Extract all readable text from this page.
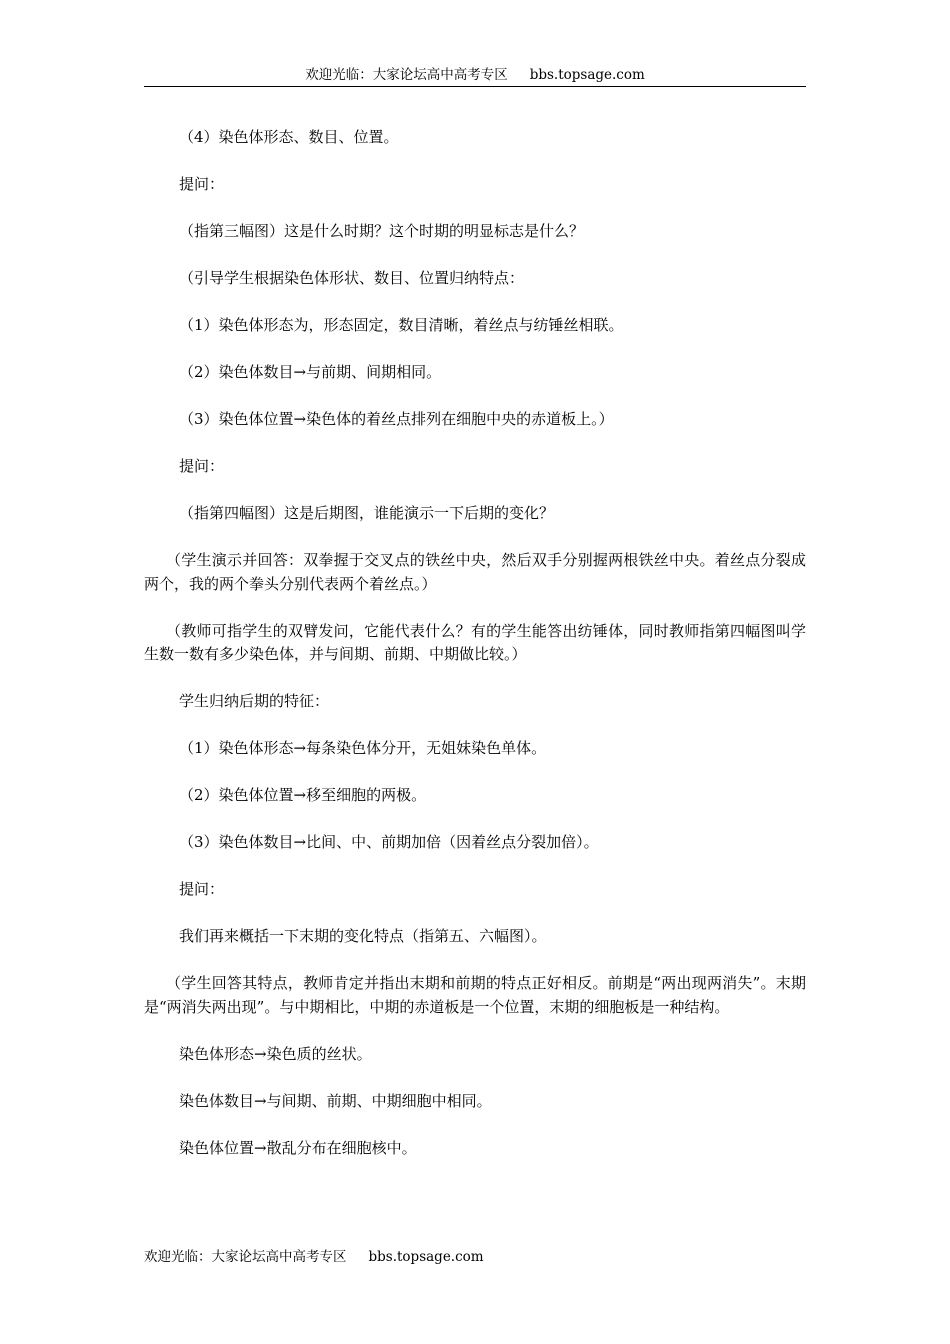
欢迎光临：大家论坛高中高考专区 bbs.topsage.com

（4）染色体形态、数目、位置。

提问：

（指第三幅图）这是什么时期？这个时期的明显标志是什么？

（引导学生根据染色体形状、数目、位置归纳特点：

（1）染色体形态为，形态固定，数目清晰，着丝点与纺锤丝相联。

（2）染色体数目→与前期、间期相同。

（3）染色体位置→染色体的着丝点排列在细胞中央的赤道板上。）

提问：

（指第四幅图）这是后期图，谁能演示一下后期的变化？

（学生演示并回答：双拳握于交叉点的铁丝中央，然后双手分别握两根铁丝中央。着丝点分裂成两个，我的两个拳头分别代表两个着丝点。）

（教师可指学生的双臂发问，它能代表什么？有的学生能答出纺锤体，同时教师指第四幅图叫学生数一数有多少染色体，并与间期、前期、中期做比较。）

学生归纳后期的特征：

（1）染色体形态→每条染色体分开，无姐妹染色单体。

（2）染色体位置→移至细胞的两极。

（3）染色体数目→比间、中、前期加倍（因着丝点分裂加倍）。

提问：

我们再来概括一下末期的变化特点（指第五、六幅图）。

（学生回答其特点，教师肯定并指出末期和前期的特点正好相反。前期是“两出现两消失”。末期是“两消失两出现”。与中期相比，中期的赤道板是一个位置，末期的细胞板是一种结构。

染色体形态→染色质的丝状。

染色体数目→与间期、前期、中期细胞中相同。

染色体位置→散乱分布在细胞核中。

欢迎光临：大家论坛高中高考专区 bbs.topsage.com
